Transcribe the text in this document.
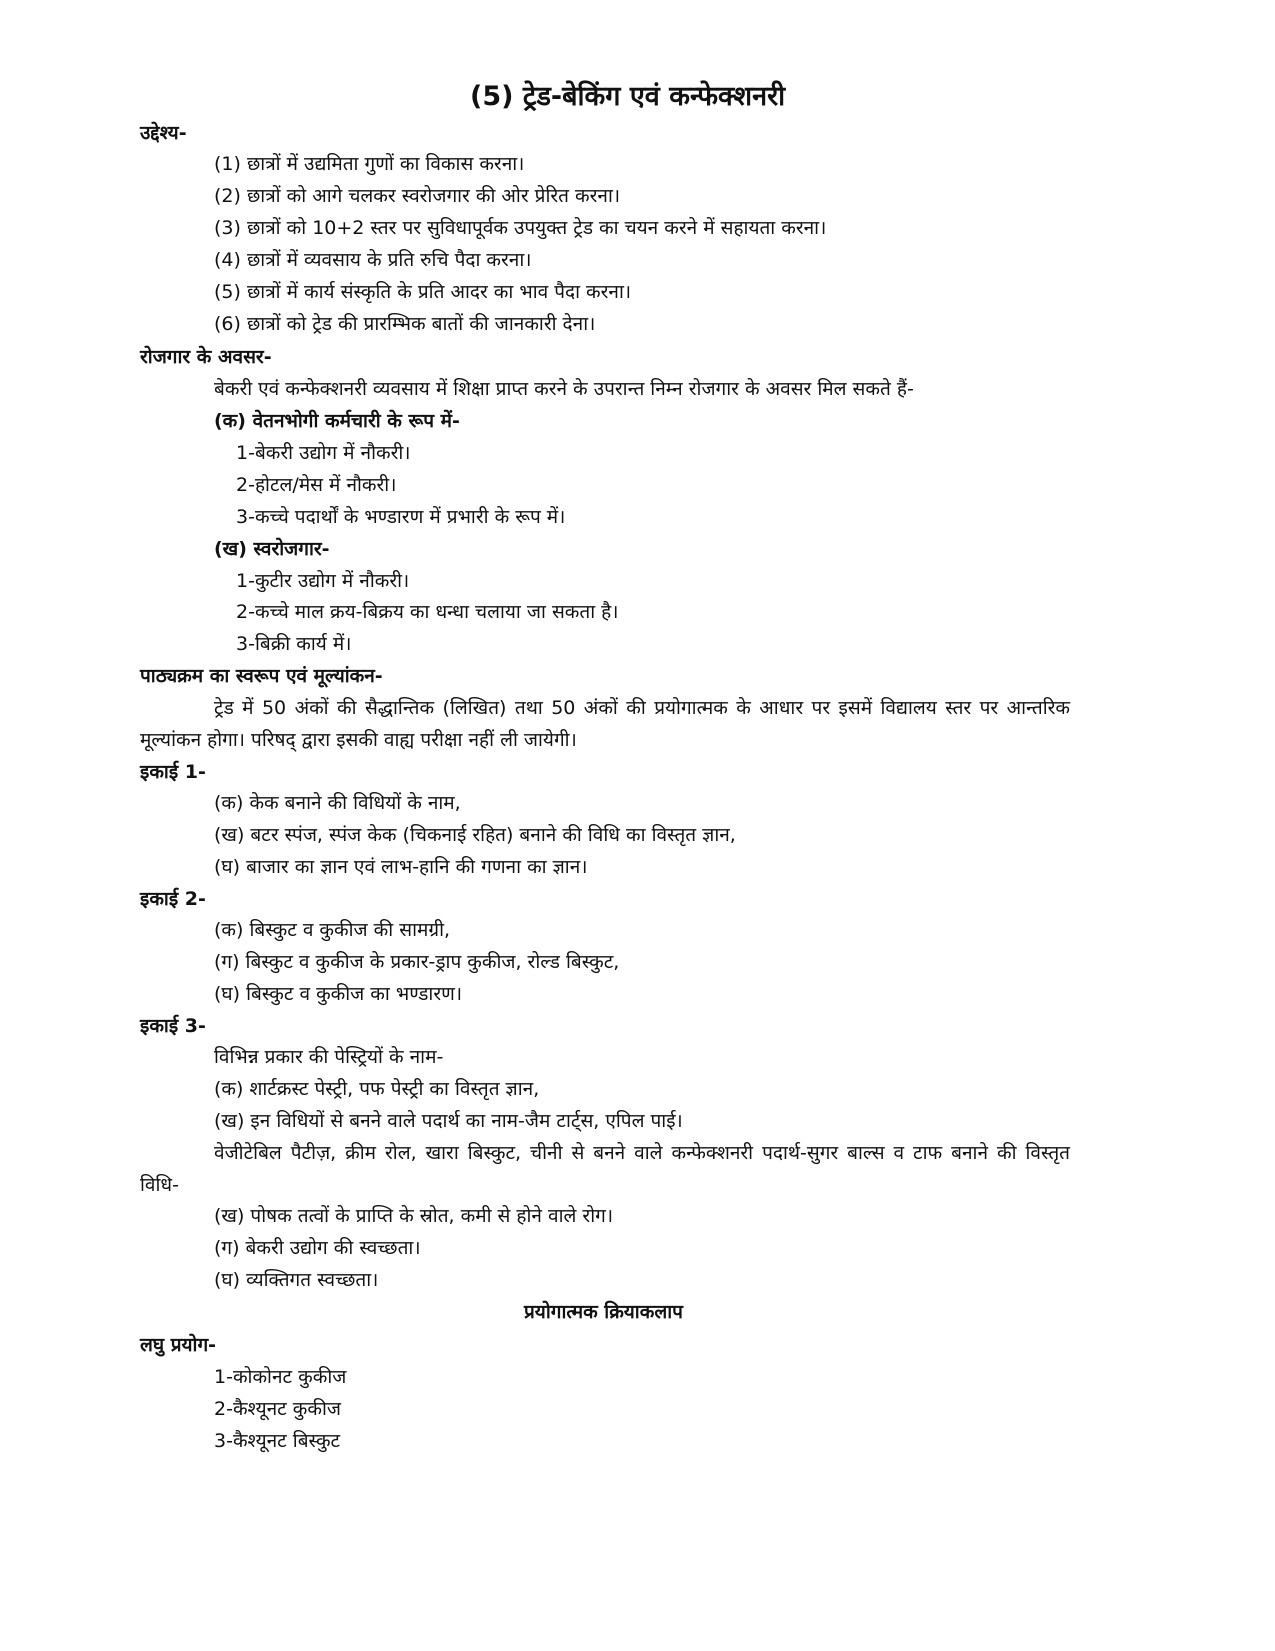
(5) ट्रेड-बेकिंग एवं कन्फेक्शनरी
उद्देश्य-
(1) छात्रों में उद्यमिता गुणों का विकास करना।
(2) छात्रों को आगे चलकर स्वरोजगार की ओर प्रेरित करना।
(3) छात्रों को 10+2 स्तर पर सुविधापूर्वक उपयुक्त ट्रेड का चयन करने में सहायता करना।
(4) छात्रों में व्यवसाय के प्रति रुचि पैदा करना।
(5) छात्रों में कार्य संस्कृति के प्रति आदर का भाव पैदा करना।
(6) छात्रों को ट्रेड की प्रारम्भिक बातों की जानकारी देना।
रोजगार के अवसर-
बेकरी एवं कन्फेक्शनरी व्यवसाय में शिक्षा प्राप्त करने के उपरान्त निम्न रोजगार के अवसर मिल सकते हैं-
(क) वेतनभोगी कर्मचारी के रूप में-
1-बेकरी उद्योग में नौकरी।
2-होटल/मेस में नौकरी।
3-कच्चे पदार्थों के भण्डारण में प्रभारी के रूप में।
(ख) स्वरोजगार-
1-कुटीर उद्योग में नौकरी।
2-कच्चे माल क्रय-बिक्रय का धन्धा चलाया जा सकता है।
3-बिक्री कार्य में।
पाठ्यक्रम का स्वरूप एवं मूल्यांकन-
ट्रेड में 50 अंकों की सैद्धान्तिक (लिखित) तथा 50 अंकों की प्रयोगात्मक के आधार पर इसमें विद्यालय स्तर पर आन्तरिक
मूल्यांकन होगा। परिषद् द्वारा इसकी वाह्य परीक्षा नहीं ली जायेगी।
इकाई 1-
(क) केक बनाने की विधियों के नाम,
(ख) बटर स्पंज, स्पंज केक (चिकनाई रहित) बनाने की विधि का विस्तृत ज्ञान,
(घ) बाजार का ज्ञान एवं लाभ-हानि की गणना का ज्ञान।
इकाई 2-
(क) बिस्कुट व कुकीज की सामग्री,
(ग) बिस्कुट व कुकीज के प्रकार-ड्राप कुकीज, रोल्ड बिस्कुट,
(घ) बिस्कुट व कुकीज का भण्डारण।
इकाई 3-
विभिन्न प्रकार की पेस्ट्रियों के नाम-
(क) शार्टक्रस्ट पेस्ट्री, पफ पेस्ट्री का विस्तृत ज्ञान,
(ख) इन विधियों से बनने वाले पदार्थ का नाम-जैम टार्ट्स, एपिल पाई।
वेजीटेबिल पैटीज़, क्रीम रोल, खारा बिस्कुट, चीनी से बनने वाले कन्फेक्शनरी पदार्थ-सुगर बाल्स व टाफ बनाने की विस्तृत
विधि-
(ख) पोषक तत्वों के प्राप्ति के स्रोत, कमी से होने वाले रोग।
(ग) बेकरी उद्योग की स्वच्छता।
(घ) व्यक्तिगत स्वच्छता।
प्रयोगात्मक क्रियाकलाप
लघु प्रयोग-
1-कोकोनट कुकीज
2-कैश्यूनट कुकीज
3-कैश्यूनट बिस्कुट
